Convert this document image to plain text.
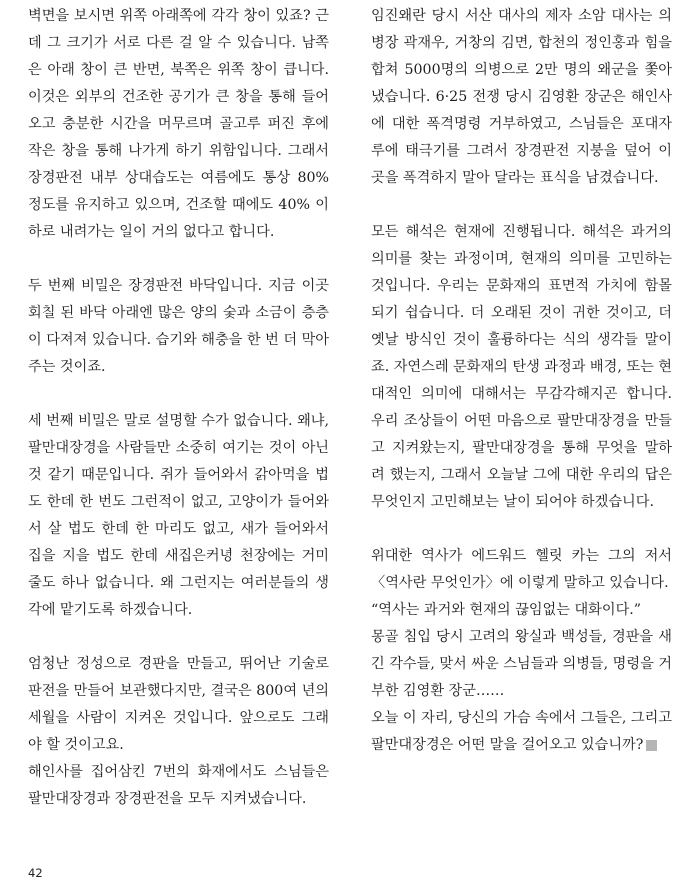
벽면을 보시면 위쪽 아래쪽에 각각 창이 있죠? 근데 그 크기가 서로 다른 걸 알 수 있습니다. 남쪽은 아래 창이 큰 반면, 북쪽은 위쪽 창이 큽니다. 이것은 외부의 건조한 공기가 큰 창을 통해 들어오고 충분한 시간을 머무르며 골고루 퍼진 후에 작은 창을 통해 나가게 하기 위함입니다. 그래서 장경판전 내부 상대습도는 여름에도 통상 80% 정도를 유지하고 있으며, 건조할 때에도 40% 이하로 내려가는 일이 거의 없다고 합니다.

두 번째 비밀은 장경판전 바닥입니다. 지금 이곳 회칠 된 바닥 아래엔 많은 양의 숯과 소금이 층층이 다져져 있습니다. 습기와 해충을 한 번 더 막아주는 것이죠.

세 번째 비밀은 말로 설명할 수가 없습니다. 왜냐, 팔만대장경을 사람들만 소중히 여기는 것이 아닌 것 같기 때문입니다. 쥐가 들어와서 갉아먹을 법도 한데 한 번도 그런적이 없고, 고양이가 들어와서 살 법도 한데 한 마리도 없고, 새가 들어와서 집을 지을 법도 한데 새집은커녕 천장에는 거미줄도 하나 없습니다. 왜 그런지는 여러분들의 생각에 맡기도록 하겠습니다.

엄청난 정성으로 경판을 만들고, 뛰어난 기술로 판전을 만들어 보관했다지만, 결국은 800여 년의 세월을 사람이 지켜온 것입니다. 앞으로도 그래야 할 것이고요.

해인사를 집어삼킨 7번의 화재에서도 스님들은 팔만대장경과 장경판전을 모두 지켜냈습니다.

임진왜란 당시 서산 대사의 제자 소암 대사는 의병장 곽재우, 거창의 김면, 합천의 정인홍과 힘을 합쳐 5000명의 의병으로 2만 명의 왜군을 쫓아냈습니다. 6·25 전쟁 당시 김영환 장군은 해인사에 대한 폭격명령 거부하였고, 스님들은 포대자루에 태극기를 그려서 장경판전 지붕을 덮어 이곳을 폭격하지 말아 달라는 표식을 남겼습니다.

모든 해석은 현재에 진행됩니다. 해석은 과거의 의미를 찾는 과정이며, 현재의 의미를 고민하는 것입니다. 우리는 문화재의 표면적 가치에 함몰되기 쉽습니다. 더 오래된 것이 귀한 것이고, 더 옛날 방식인 것이 훌륭하다는 식의 생각들 말이죠. 자연스레 문화재의 탄생 과정과 배경, 또는 현대적인 의미에 대해서는 무감각해지곤 합니다. 우리 조상들이 어떤 마음으로 팔만대장경을 만들고 지켜왔는지, 팔만대장경을 통해 무엇을 말하려 했는지, 그래서 오늘날 그에 대한 우리의 답은 무엇인지 고민해보는 날이 되어야 하겠습니다.

위대한 역사가 에드워드 헬릿 카는 그의 저서 〈역사란 무엇인가〉에 이렇게 말하고 있습니다.

“역사는 과거와 현재의 끊임없는 대화이다.”

몽골 침입 당시 고려의 왕실과 백성들, 경판을 새긴 각수들, 맞서 싸운 스님들과 의병들, 명령을 거부한 김영환 장군……

오늘 이 자리, 당신의 가슴 속에서 그들은, 그리고 팔만대장경은 어떤 말을 걸어오고 있습니까?

42
